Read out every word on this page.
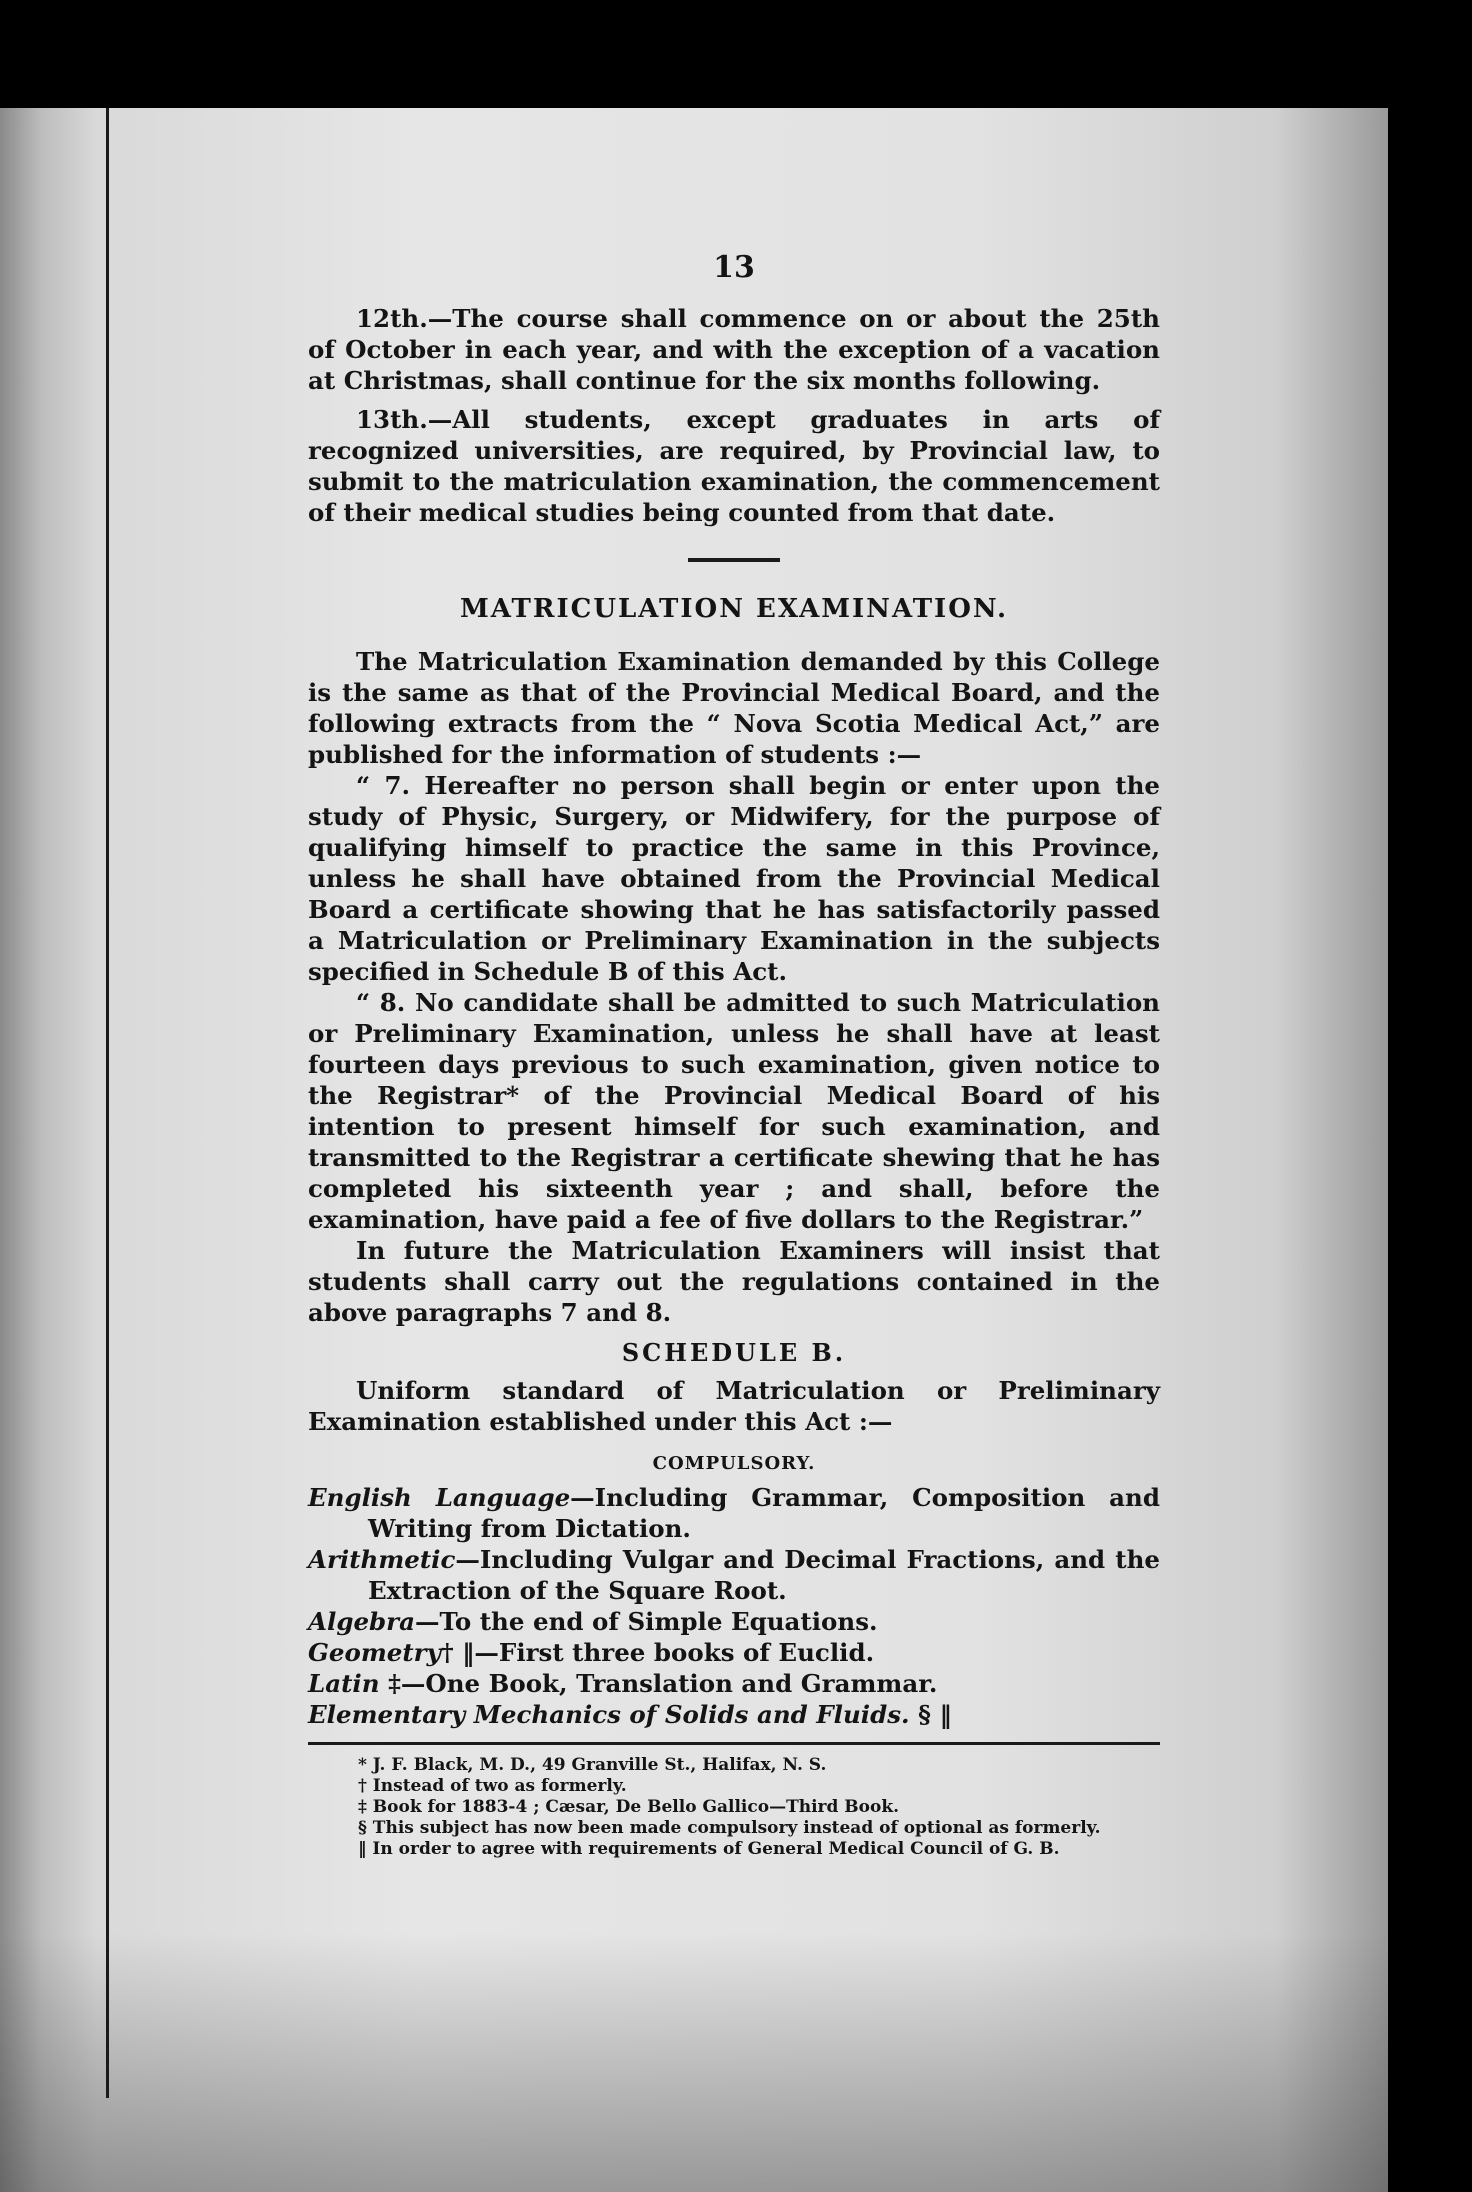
13

12th.—The course shall commence on or about the 25th of October in each year, and with the exception of a vacation at Christmas, shall continue for the six months following.

13th.—All students, except graduates in arts of recognized universities, are required, by Provincial law, to submit to the matriculation examination, the commencement of their medical studies being counted from that date.

MATRICULATION EXAMINATION.

The Matriculation Examination demanded by this College is the same as that of the Provincial Medical Board, and the following extracts from the “ Nova Scotia Medical Act,” are published for the information of students :—

“ 7. Hereafter no person shall begin or enter upon the study of Physic, Surgery, or Midwifery, for the purpose of qualifying himself to practice the same in this Province, unless he shall have obtained from the Provincial Medical Board a certificate showing that he has satisfactorily passed a Matriculation or Preliminary Examination in the subjects specified in Schedule B of this Act.

“ 8. No candidate shall be admitted to such Matriculation or Preliminary Examination, unless he shall have at least fourteen days previous to such examination, given notice to the Registrar* of the Provincial Medical Board of his intention to present himself for such examination, and transmitted to the Registrar a certificate shewing that he has completed his sixteenth year ; and shall, before the examination, have paid a fee of five dollars to the Registrar.”

In future the Matriculation Examiners will insist that students shall carry out the regulations contained in the above paragraphs 7 and 8.

SCHEDULE B.

Uniform standard of Matriculation or Preliminary Examination established under this Act :—

COMPULSORY.

English Language—Including Grammar, Composition and Writing from Dictation.

Arithmetic—Including Vulgar and Decimal Fractions, and the Extraction of the Square Root.

Algebra—To the end of Simple Equations.

Geometry† ‖—First three books of Euclid.

Latin ‡—One Book, Translation and Grammar.

Elementary Mechanics of Solids and Fluids. § ‖

* J. F. Black, M. D., 49 Granville St., Halifax, N. S.

† Instead of two as formerly.

‡ Book for 1883-4 ; Cæsar, De Bello Gallico—Third Book.

§ This subject has now been made compulsory instead of optional as formerly.

‖ In order to agree with requirements of General Medical Council of G. B.
